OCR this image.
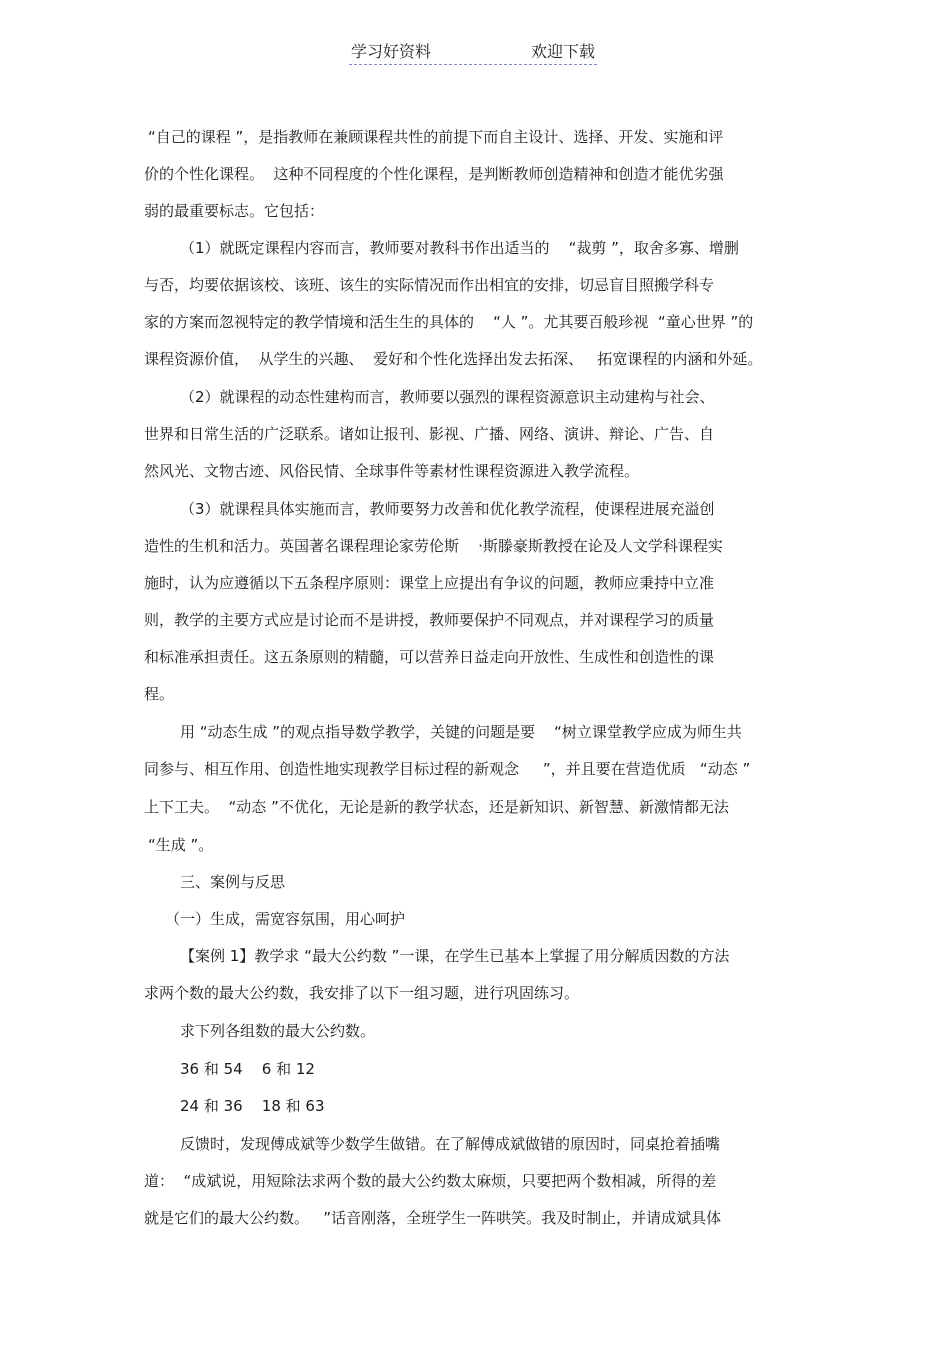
学习好资料	欢迎下载
“自己的课程 ”，是指教师在兼顾课程共性的前提下而自主设计、选择、开发、实施和评
价的个性化课程。  这种不同程度的个性化课程，是判断教师创造精神和创造才能优劣强
弱的最重要标志。它包括：
（1）就既定课程内容而言，教师要对教科书作出适当的    “裁剪 ”，取舍多寡、增删
与否，均要依据该校、该班、该生的实际情况而作出相宜的安排，切忌盲目照搬学科专
家的方案而忽视特定的教学情境和活生生的具体的    “人 ”。尤其要百般珍视  “童心世界 ”的
课程资源价值，  从学生的兴趣、  爱好和个性化选择出发去拓深、   拓宽课程的内涵和外延。
（2）就课程的动态性建构而言，教师要以强烈的课程资源意识主动建构与社会、
世界和日常生活的广泛联系。诸如让报刊、影视、广播、网络、演讲、辩论、广告、自
然风光、文物古迹、风俗民情、全球事件等素材性课程资源进入教学流程。
（3）就课程具体实施而言，教师要努力改善和优化教学流程，使课程进展充溢创
造性的生机和活力。英国著名课程理论家劳伦斯    ·斯滕豪斯教授在论及人文学科课程实
施时，认为应遵循以下五条程序原则：课堂上应提出有争议的问题，教师应秉持中立准
则，教学的主要方式应是讨论而不是讲授，教师要保护不同观点，并对课程学习的质量
和标准承担责任。这五条原则的精髓，可以营养日益走向开放性、生成性和创造性的课
程。
用 “动态生成 ”的观点指导数学教学，关键的问题是要    “树立课堂教学应成为师生共
同参与、相互作用、创造性地实现教学目标过程的新观念     ”，并且要在营造优质   “动态 ”
上下工夫。  “动态 ”不优化，无论是新的教学状态，还是新知识、新智慧、新激情都无法
“生成 ”。
三、案例与反思
（一）生成，需宽容氛围，用心呵护
【案例 1】教学求 “最大公约数 ”一课，在学生已基本上掌握了用分解质因数的方法
求两个数的最大公约数，我安排了以下一组习题，进行巩固练习。
求下列各组数的最大公约数。
36 和 54    6 和 12
24 和 36    18 和 63
反馈时，发现傅成斌等少数学生做错。在了解傅成斌做错的原因时，同桌抢着插嘴
道：  “成斌说，用短除法求两个数的最大公约数太麻烦，只要把两个数相减，所得的差
就是它们的最大公约数。   ”话音刚落，全班学生一阵哄笑。我及时制止，并请成斌具体
